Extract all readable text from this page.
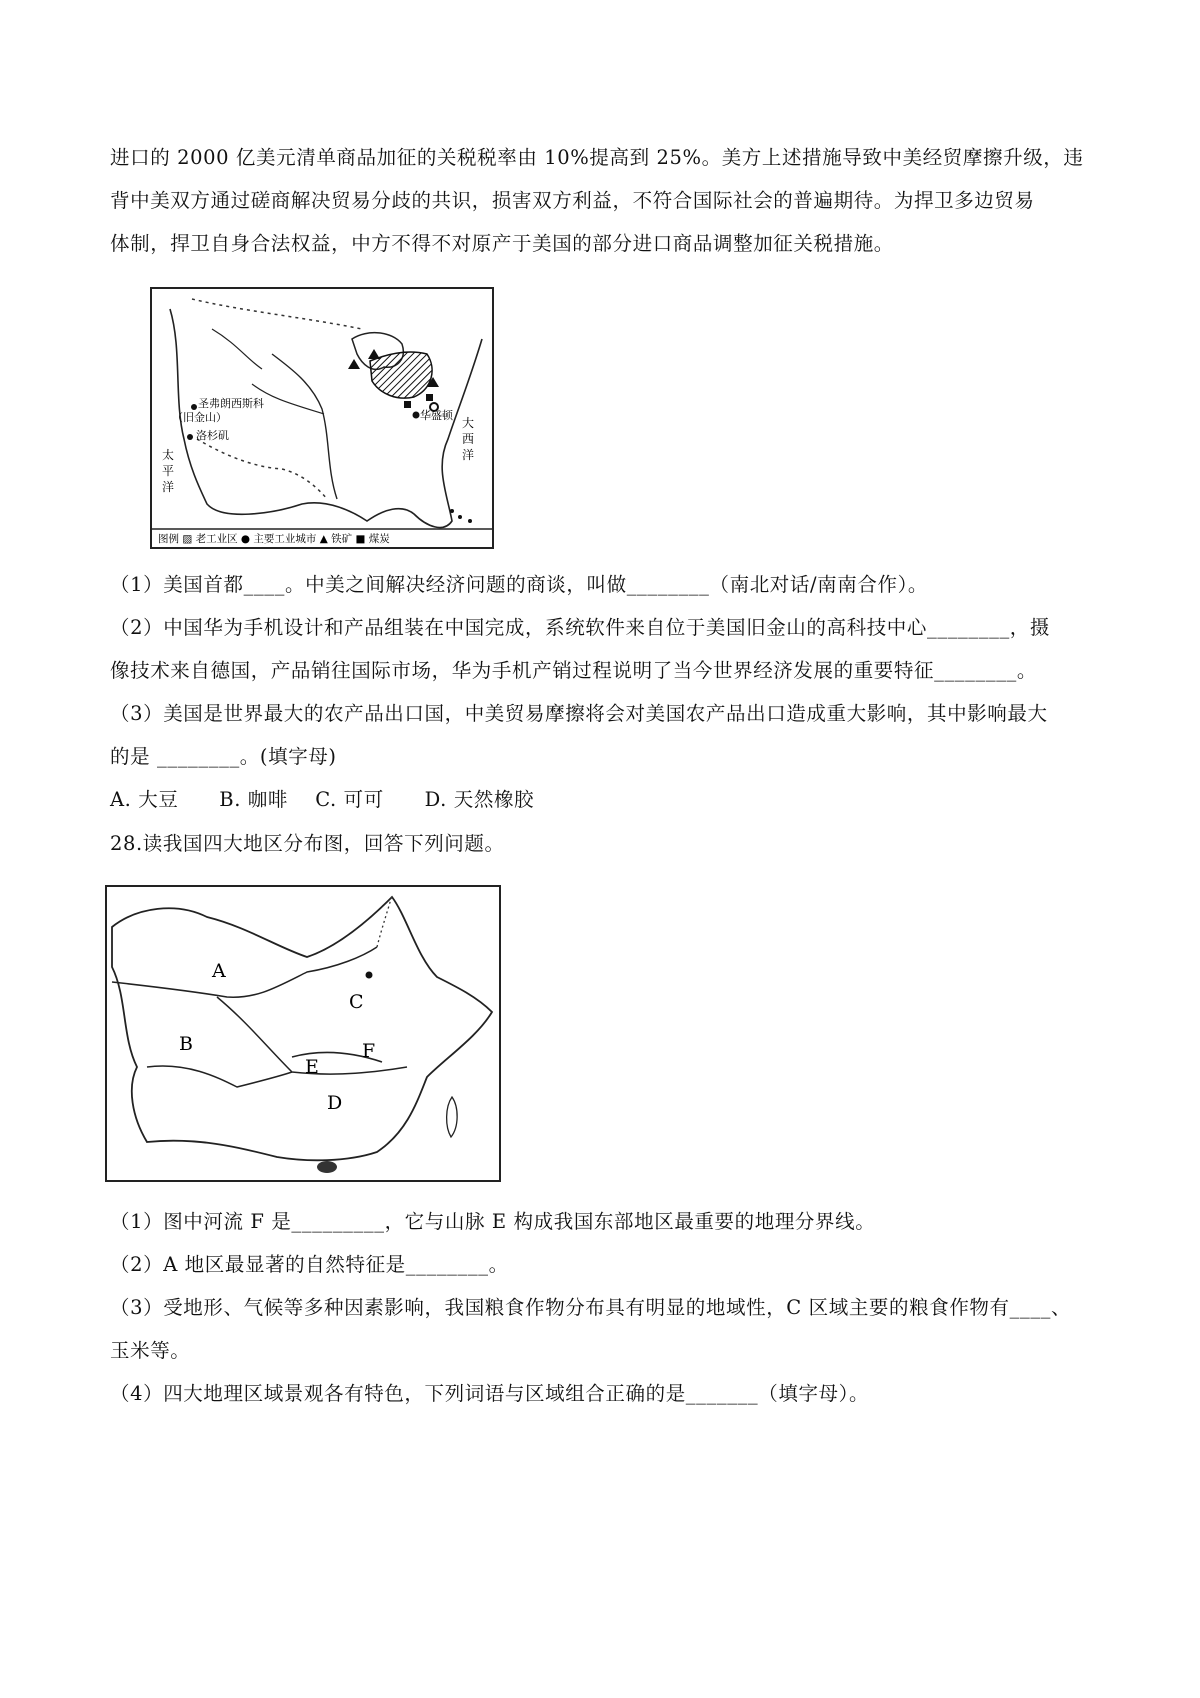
进口的 2000 亿美元清单商品加征的关税税率由 10%提高到 25%。美方上述措施导致中美经贸摩擦升级，违
背中美双方通过磋商解决贸易分歧的共识，损害双方利益，不符合国际社会的普遍期待。为捍卫多边贸易
体制，捍卫自身合法权益，中方不得不对原产于美国的部分进口商品调整加征关税措施。
圣弗朗西斯科
（旧金山）
洛杉矶
华盛顿
太
平
洋
大
西
洋
图例 ▨ 老工业区 ● 主要工业城市 ▲ 铁矿 ■ 煤炭
（1）美国首都____。中美之间解决经济问题的商谈，叫做________（南北对话/南南合作）。
（2）中国华为手机设计和产品组装在中国完成，系统软件来自位于美国旧金山的高科技中心________，摄
像技术来自德国，产品销往国际市场，华为手机产销过程说明了当今世界经济发展的重要特征________。
（3）美国是世界最大的农产品出口国，中美贸易摩擦将会对美国农产品出口造成重大影响，其中影响最大
的是 ________。(填字母)
A. 大豆      B. 咖啡    C. 可可      D. 天然橡胶
28.读我国四大地区分布图，回答下列问题。
A
B
C
D
E
F
（1）图中河流 F 是_________，它与山脉 E 构成我国东部地区最重要的地理分界线。
（2）A 地区最显著的自然特征是________。
（3）受地形、气候等多种因素影响，我国粮食作物分布具有明显的地域性，C 区域主要的粮食作物有____、
玉米等。
（4）四大地理区域景观各有特色，下列词语与区域组合正确的是_______（填字母）。
